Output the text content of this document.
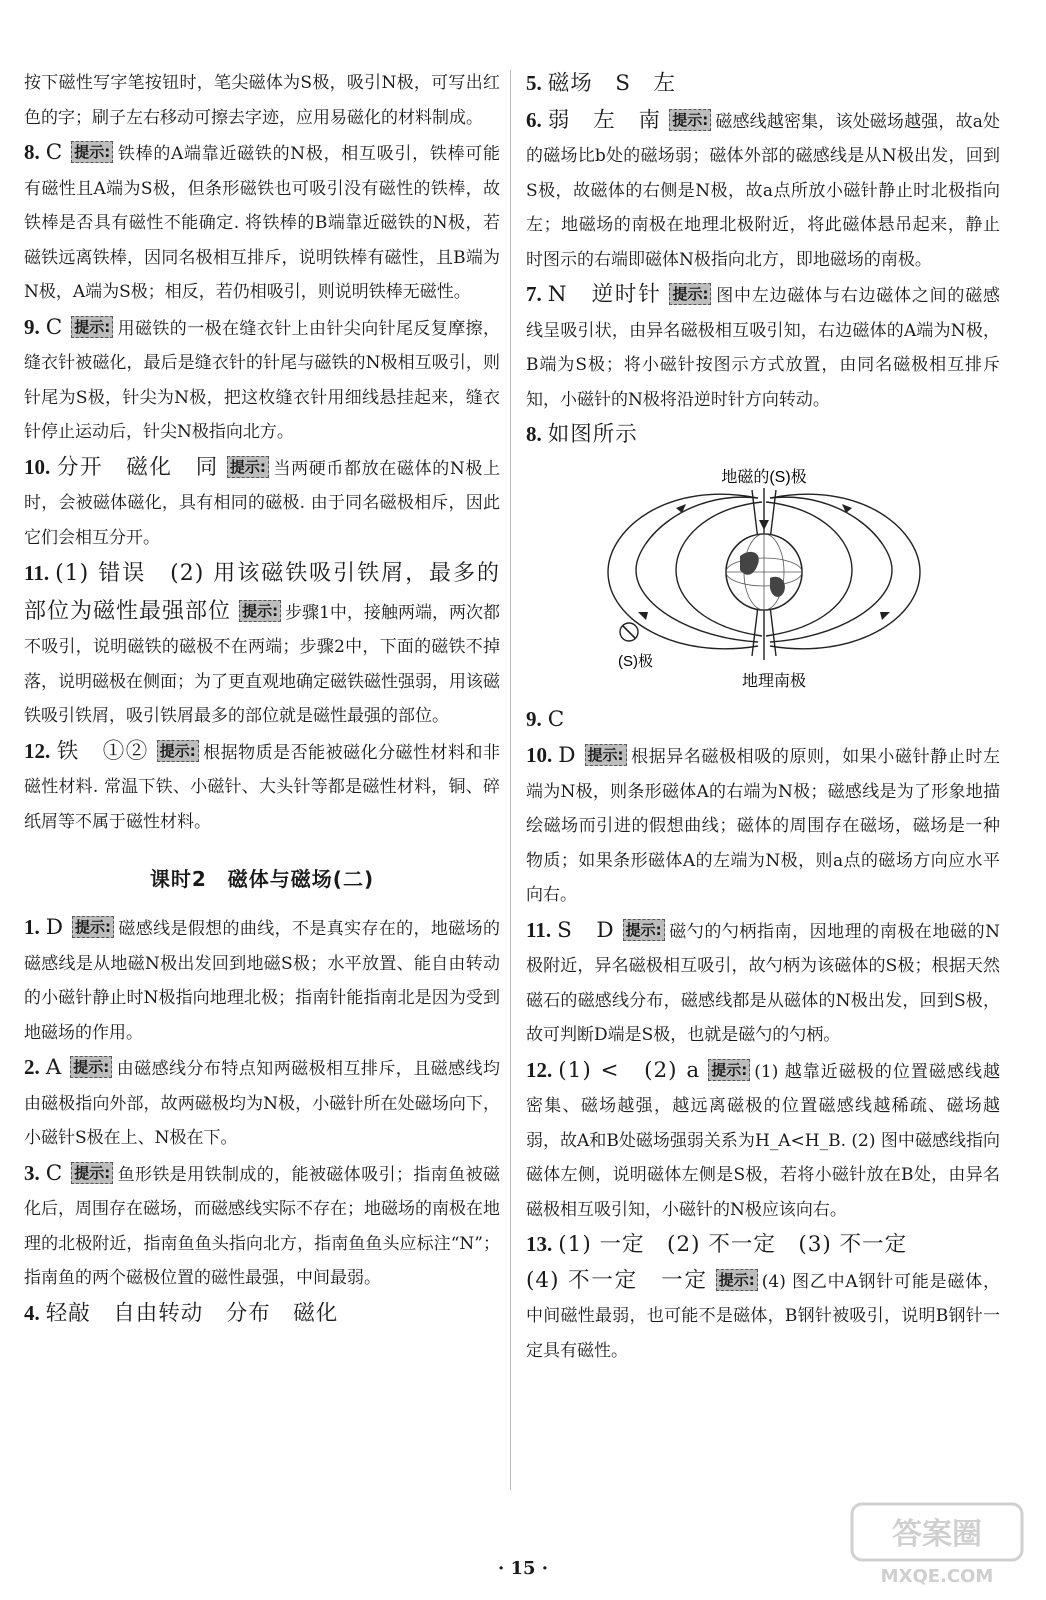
按下磁性写字笔按钮时，笔尖磁体为S极，吸引N极，可写出红色的字；刷子左右移动可擦去字迹，应用易磁化的材料制成。

8. C 提示: 铁棒的A端靠近磁铁的N极，相互吸引，铁棒可能有磁性且A端为S极，但条形磁铁也可吸引没有磁性的铁棒，故铁棒是否具有磁性不能确定. 将铁棒的B端靠近磁铁的N极，若磁铁远离铁棒，因同名极相互排斥，说明铁棒有磁性，且B端为N极，A端为S极；相反，若仍相吸引，则说明铁棒无磁性。

9. C 提示: 用磁铁的一极在缝衣针上由针尖向针尾反复摩擦，缝衣针被磁化，最后是缝衣针的针尾与磁铁的N极相互吸引，则针尾为S极，针尖为N极，把这枚缝衣针用细线悬挂起来，缝衣针停止运动后，针尖N极指向北方。

10. 分开　磁化　同 提示: 当两硬币都放在磁体的N极上时，会被磁体磁化，具有相同的磁极. 由于同名磁极相斥，因此它们会相互分开。

11. (1) 错误　(2) 用该磁铁吸引铁屑，最多的部位为磁性最强部位 提示: 步骤1中，接触两端，两次都不吸引，说明磁铁的磁极不在两端；步骤2中，下面的磁铁不掉落，说明磁极在侧面；为了更直观地确定磁铁磁性强弱，用该磁铁吸引铁屑，吸引铁屑最多的部位就是磁性最强的部位。

12. 铁　①② 提示: 根据物质是否能被磁化分磁性材料和非磁性材料. 常温下铁、小磁针、大头针等都是磁性材料，铜、碎纸屑等不属于磁性材料。

课时2　磁体与磁场(二)

1. D 提示: 磁感线是假想的曲线，不是真实存在的，地磁场的磁感线是从地磁N极出发回到地磁S极；水平放置、能自由转动的小磁针静止时N极指向地理北极；指南针能指南北是因为受到地磁场的作用。

2. A 提示: 由磁感线分布特点知两磁极相互排斥，且磁感线均由磁极指向外部，故两磁极均为N极，小磁针所在处磁场向下，小磁针S极在上、N极在下。

3. C 提示: 鱼形铁是用铁制成的，能被磁体吸引；指南鱼被磁化后，周围存在磁场，而磁感线实际不存在；地磁场的南极在地理的北极附近，指南鱼鱼头指向北方，指南鱼鱼头应标注“N”；指南鱼的两个磁极位置的磁性最强，中间最弱。

4. 轻敲　自由转动　分布　磁化

5. 磁场　S　左

6. 弱　左　南 提示: 磁感线越密集，该处磁场越强，故a处的磁场比b处的磁场弱；磁体外部的磁感线是从N极出发，回到S极，故磁体的右侧是N极，故a点所放小磁针静止时北极指向左；地磁场的南极在地理北极附近，将此磁体悬吊起来，静止时图示的右端即磁体N极指向北方，即地磁场的南极。

7. N　逆时针 提示: 图中左边磁体与右边磁体之间的磁感线呈吸引状，由异名磁极相互吸引知，右边磁体的A端为N极，B端为S极；将小磁针按图示方式放置，由同名磁极相互排斥知，小磁针的N极将沿逆时针方向转动。

8. 如图所示

地磁的(S)极
(S)极
地理南极

9. C

10. D 提示: 根据异名磁极相吸的原则，如果小磁针静止时左端为N极，则条形磁体A的右端为N极；磁感线是为了形象地描绘磁场而引进的假想曲线；磁体的周围存在磁场，磁场是一种物质；如果条形磁体A的左端为N极，则a点的磁场方向应水平向右。

11. S　D 提示: 磁勺的勺柄指南，因地理的南极在地磁的N极附近，异名磁极相互吸引，故勺柄为该磁体的S极；根据天然磁石的磁感线分布，磁感线都是从磁体的N极出发，回到S极，故可判断D端是S极，也就是磁勺的勺柄。

12. (1) <　(2) a 提示: (1) 越靠近磁极的位置磁感线越密集、磁场越强，越远离磁极的位置磁感线越稀疏、磁场越弱，故A和B处磁场强弱关系为H_A<H_B. (2) 图中磁感线指向磁体左侧，说明磁体左侧是S极，若将小磁针放在B处，由异名磁极相互吸引知，小磁针的N极应该向右。

13. (1) 一定　(2) 不一定　(3) 不一定
(4) 不一定　一定 提示: (4) 图乙中A钢针可能是磁体，中间磁性最弱，也可能不是磁体，B钢针被吸引，说明B钢针一定具有磁性。

· 15 ·
答案圈
MXQE.COM
